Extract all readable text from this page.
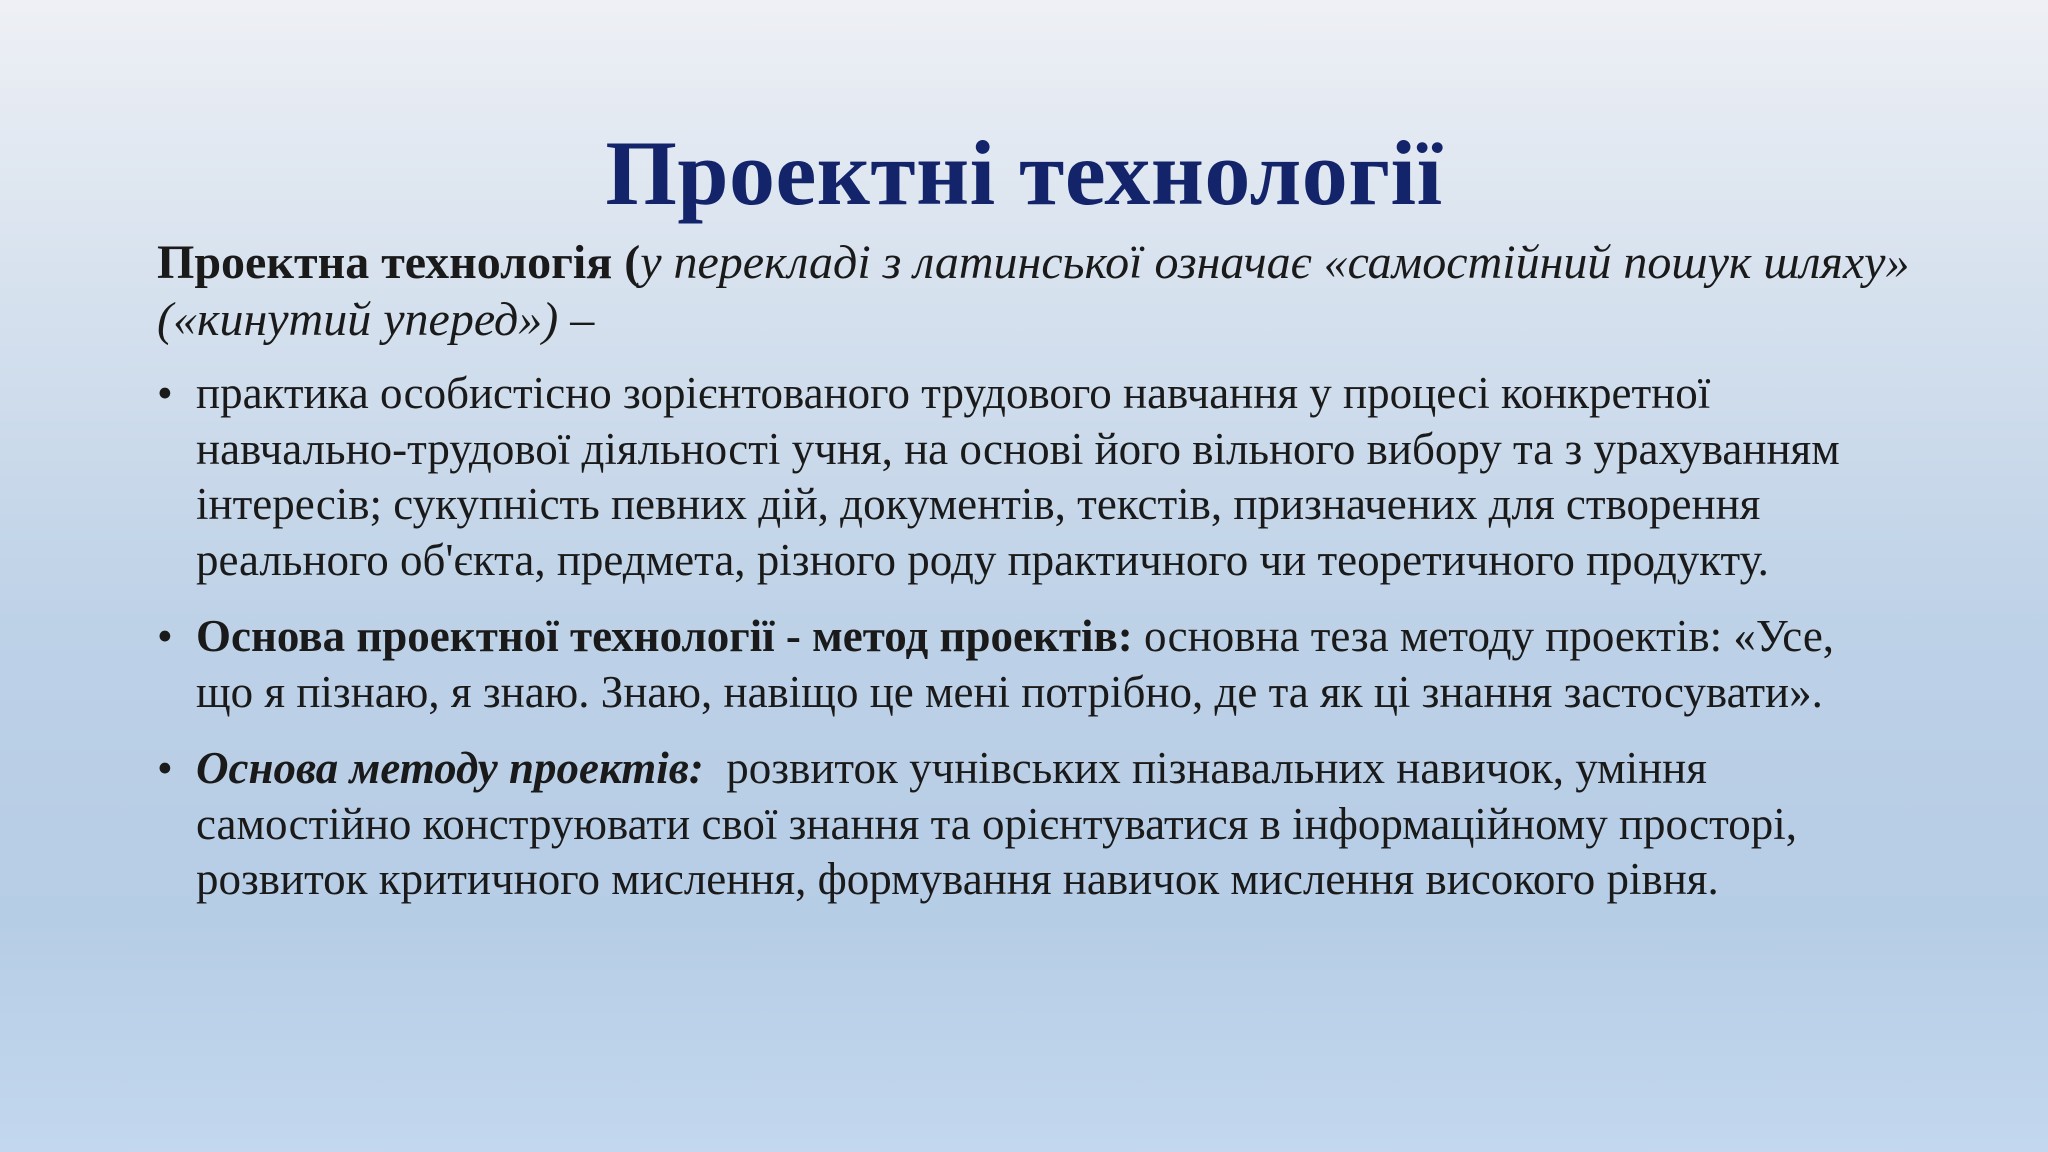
Проектні технології
Проектна технологія (у перекладі з латинської означає «самостійний пошук шляху» («кинутий уперед») –
• практика особистісно зорієнтованого трудового навчання у процесі конкретної навчально-трудової діяльності учня, на основі його вільного вибору та з урахуванням інтересів; сукупність певних дій, документів, текстів, призначених для створення реального об'єкта, предмета, різного роду практичного чи теоретичного продукту.
• Основа проектної технології - метод проектів: основна теза методу проектів: «Усе, що я пізнаю, я знаю. Знаю, навіщо це мені потрібно, де та як ці знання застосувати».
• Основа методу проектів:  розвиток учнівських пізнавальних навичок, уміння самостійно конструювати свої знання та орієнтуватися в інформаційному просторі, розвиток критичного мислення, формування навичок мислення високого рівня.
